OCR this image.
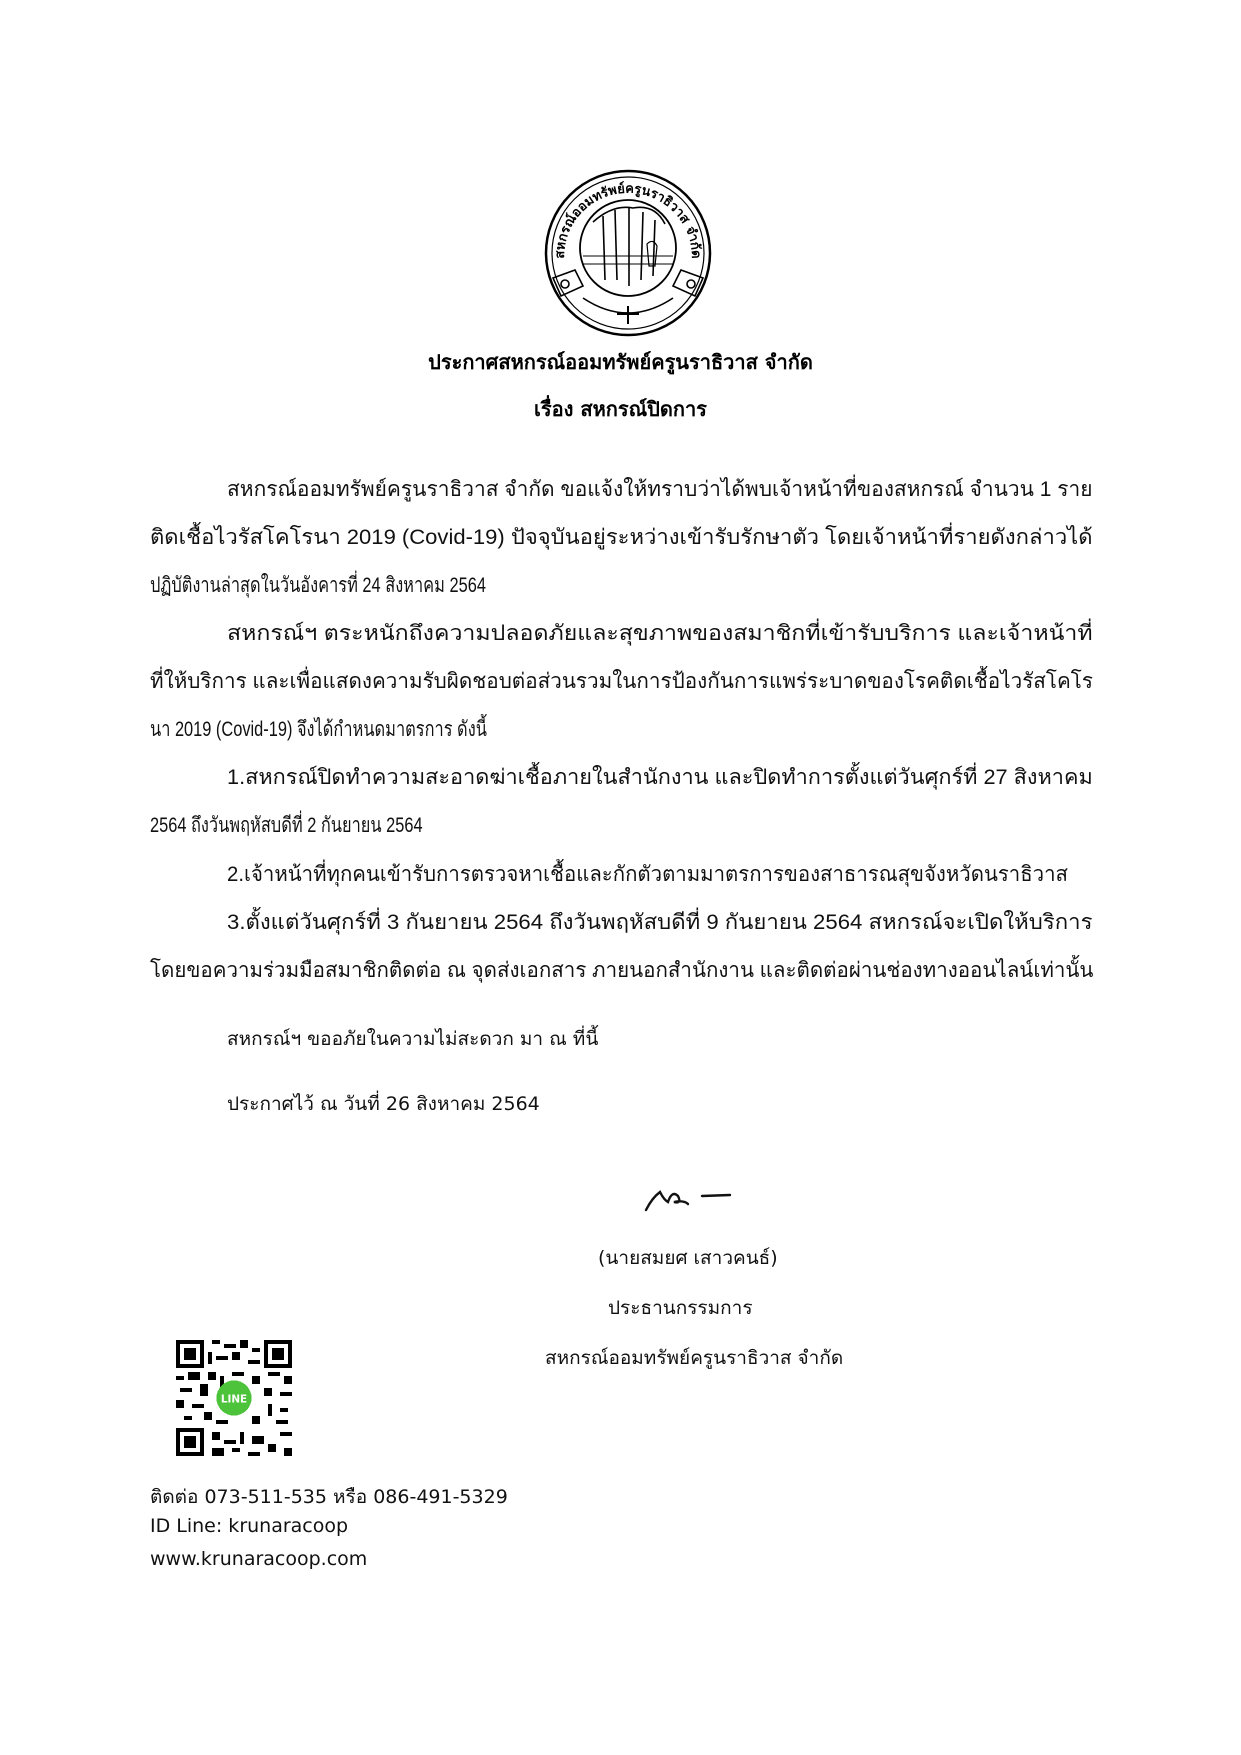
สหกรณ์ออมทรัพย์ครูนราธิวาส จำกัด
ประกาศสหกรณ์ออมทรัพย์ครูนราธิวาส จำกัด
เรื่อง สหกรณ์ปิดการ
สหกรณ์ออมทรัพย์ครูนราธิวาส จำกัด ขอแจ้งให้ทราบว่าได้พบเจ้าหน้าที่ของสหกรณ์ จำนวน 1 ราย
ติดเชื้อไวรัสโคโรนา 2019 (Covid-19) ปัจจุบันอยู่ระหว่างเข้ารับรักษาตัว โดยเจ้าหน้าที่รายดังกล่าวได้
ปฏิบัติงานล่าสุดในวันอังคารที่ 24 สิงหาคม 2564
สหกรณ์ฯ ตระหนักถึงความปลอดภัยและสุขภาพของสมาชิกที่เข้ารับบริการ และเจ้าหน้าที่
ที่ให้บริการ และเพื่อแสดงความรับผิดชอบต่อส่วนรวมในการป้องกันการแพร่ระบาดของโรคติดเชื้อไวรัสโคโร
นา 2019 (Covid-19) จึงได้กำหนดมาตรการ ดังนี้
1.สหกรณ์ปิดทำความสะอาดฆ่าเชื้อภายในสำนักงาน และปิดทำการตั้งแต่วันศุกร์ที่ 27 สิงหาคม
2564 ถึงวันพฤหัสบดีที่ 2 กันยายน 2564
2.เจ้าหน้าที่ทุกคนเข้ารับการตรวจหาเชื้อและกักตัวตามมาตรการของสาธารณสุขจังหวัดนราธิวาส
3.ตั้งแต่วันศุกร์ที่ 3 กันยายน 2564 ถึงวันพฤหัสบดีที่ 9 กันยายน 2564 สหกรณ์จะเปิดให้บริการ
โดยขอความร่วมมือสมาชิกติดต่อ ณ จุดส่งเอกสาร ภายนอกสำนักงาน และติดต่อผ่านช่องทางออนไลน์เท่านั้น
สหกรณ์ฯ ขออภัยในความไม่สะดวก มา ณ ที่นี้
ประกาศไว้ ณ วันที่ 26 สิงหาคม 2564
(นายสมยศ เสาวคนธ์)
ประธานกรรมการ
สหกรณ์ออมทรัพย์ครูนราธิวาส จำกัด
LINE
ติดต่อ 073-511-535 หรือ 086-491-5329
ID Line: krunaracoop
www.krunaracoop.com
